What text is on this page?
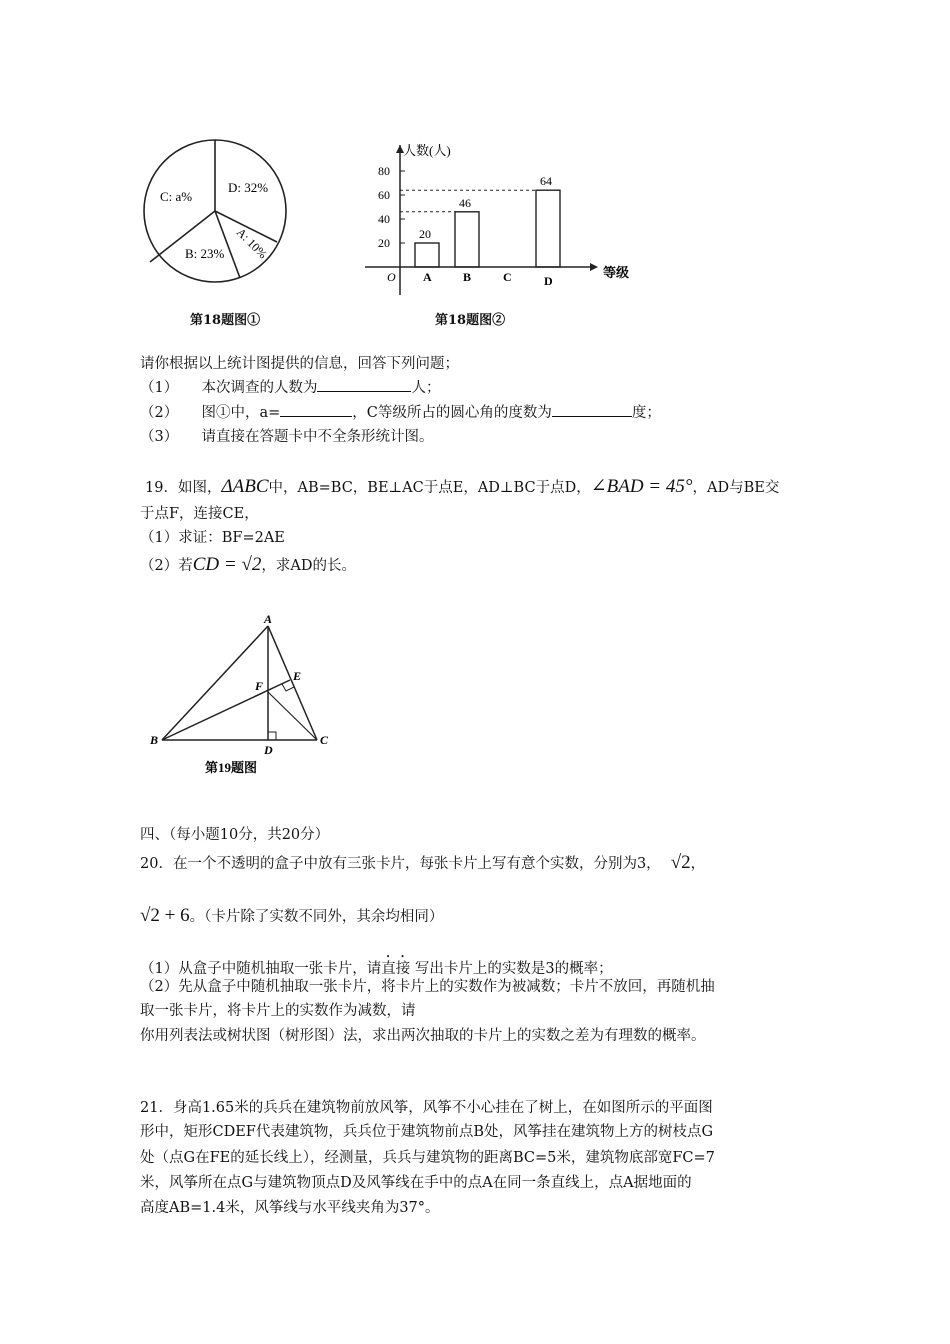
D: 32%
A: 10%
B: 23%
C: a%
第18题图①
20
40
60
80
A
20
B
46
C	D
64
人数(人)
等级
O
第18题图②
请你根据以上统计图提供的信息，回答下列问题；
（1） 本次调查的人数为	人；
（2） 图①中，a=	，C等级所占的圆心角的度数为	度；
（3） 请直接在答题卡中不全条形统计图。
19．如图，ΔABC中，AB=BC，BE⊥AC于点E，AD⊥BC于点D，∠BAD = 45°，AD与BE交
于点F，连接CE，
（1）求证：BF=2AE
（2）若CD = √2，求AD的长。
A
B	C
D
E
F
第19题图
四、（每小题10分，共20分）
20．在一个不透明的盒子中放有三张卡片，每张卡片上写有意个实数，分别为3， √2，
√2 + 6。（卡片除了实数不同外，其余均相同）
（1）从盒子中随机抽取一张卡片，请直接 写出卡片上的实数是3的概率；
（2）先从盒子中随机抽取一张卡片，将卡片上的实数作为被减数；卡片不放回，再随机抽
取一张卡片，将卡片上的实数作为减数，请
你用列表法或树状图（树形图）法，求出两次抽取的卡片上的实数之差为有理数的概率。
21．身高1.65米的兵兵在建筑物前放风筝，风筝不小心挂在了树上，在如图所示的平面图
形中，矩形CDEF代表建筑物，兵兵位于建筑物前点B处，风筝挂在建筑物上方的树枝点G
处（点G在FE的延长线上），经测量，兵兵与建筑物的距离BC=5米，建筑物底部宽FC=7
米，风筝所在点G与建筑物顶点D及风筝线在手中的点A在同一条直线上，点A据地面的
高度AB=1.4米，风筝线与水平线夹角为37°。
